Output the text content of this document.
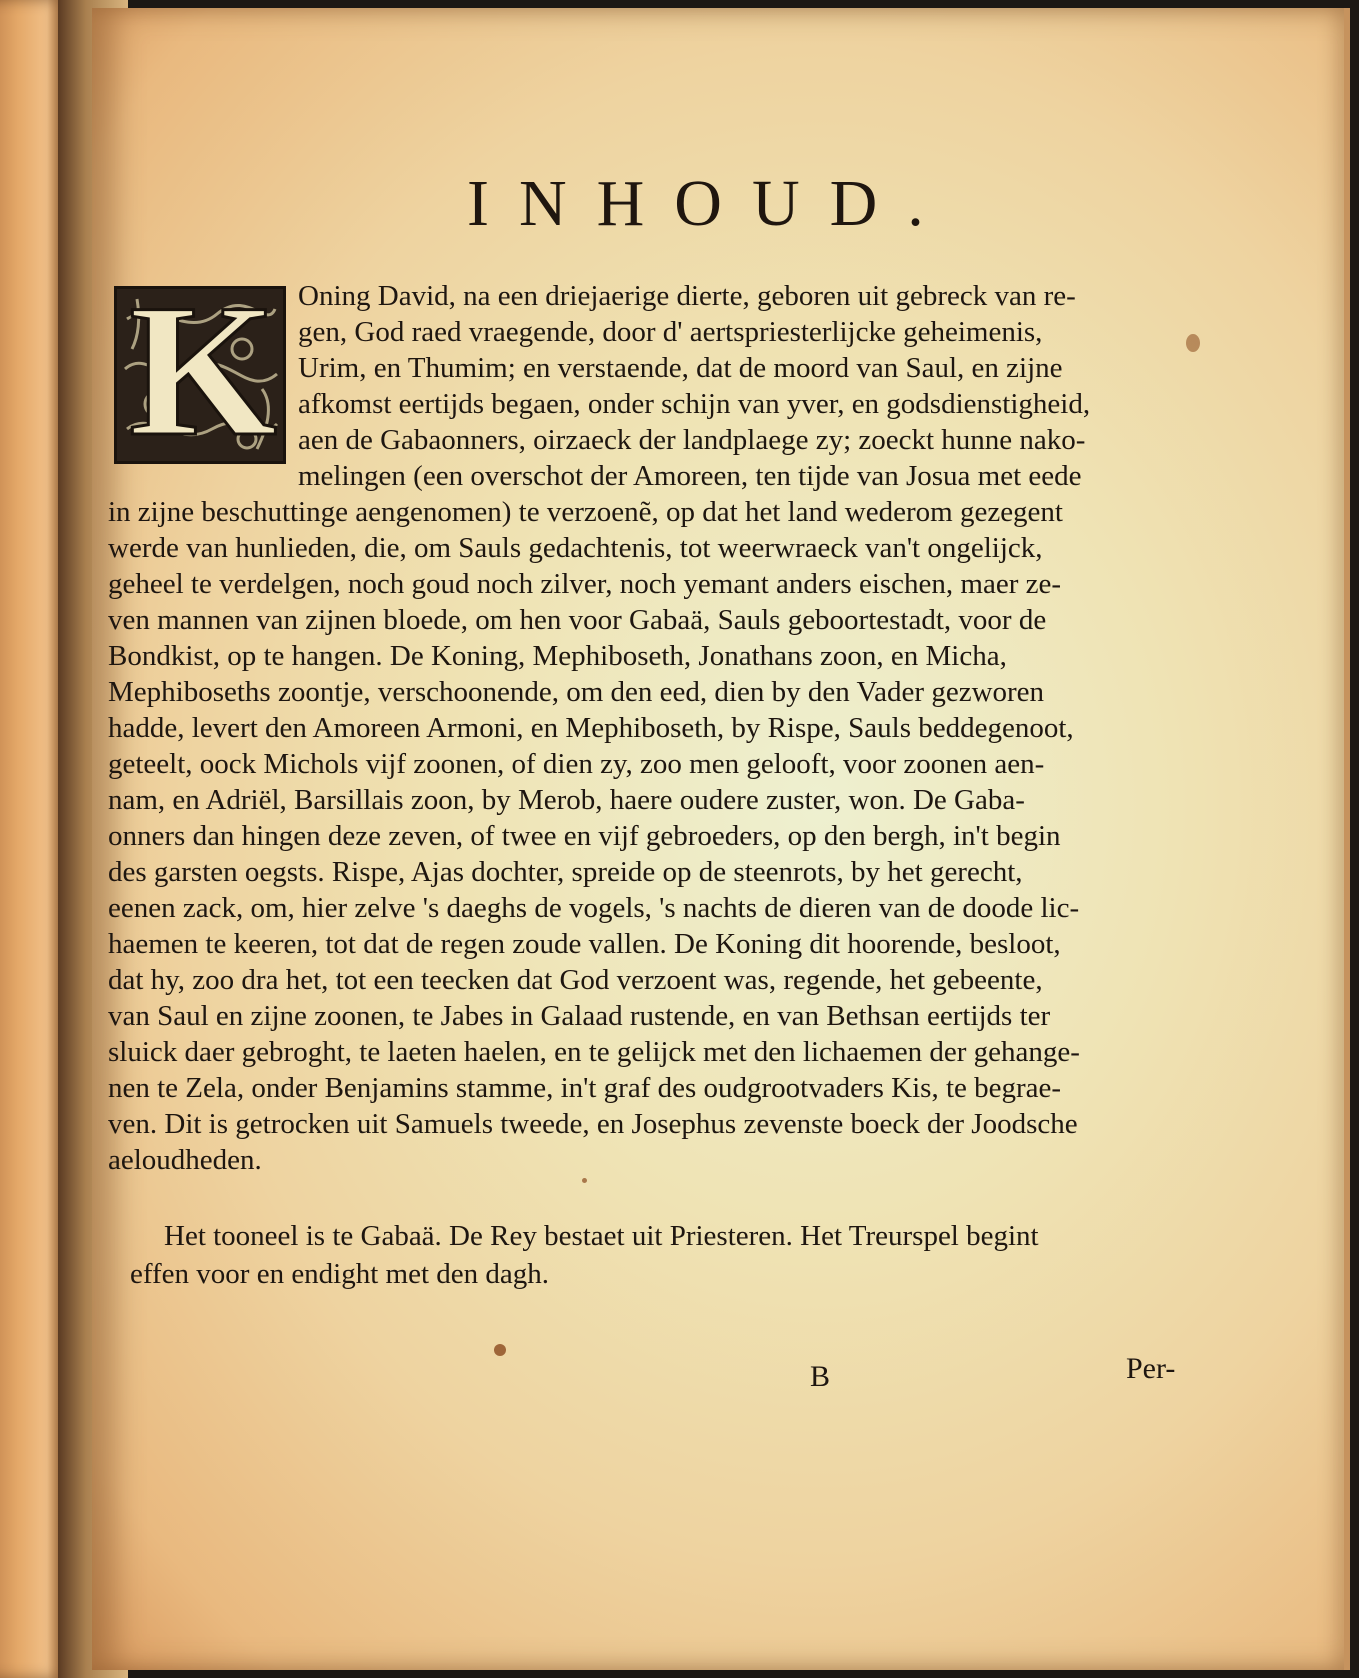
INHOUD.
K Oning David, na een driejaerige dierte, geboren uit gebreck van re-
gen, God raed vraegende, door d' aertspriesterlijcke geheimenis,
Urim, en Thumim; en verstaende, dat de moord van Saul, en zijne
afkomst eertijds begaen, onder schijn van yver, en godsdienstigheid,
aen de Gabaonners, oirzaeck der landplaege zy; zoeckt hunne nako-
melingen (een overschot der Amoreen, ten tijde van Josua met eede
in zijne beschuttinge aengenomen) te verzoenẽ, op dat het land wederom gezegent
werde van hunlieden, die, om Sauls gedachtenis, tot weerwraeck van't ongelijck,
geheel te verdelgen, noch goud noch zilver, noch yemant anders eischen, maer ze-
ven mannen van zijnen bloede, om hen voor Gabaä, Sauls geboortestadt, voor de
Bondkist, op te hangen. De Koning, Mephiboseth, Jonathans zoon, en Micha,
Mephiboseths zoontje, verschoonende, om den eed, dien by den Vader gezworen
hadde, levert den Amoreen Armoni, en Mephiboseth, by Rispe, Sauls beddegenoot,
geteelt, oock Michols vijf zoonen, of dien zy, zoo men gelooft, voor zoonen aen-
nam, en Adriël, Barsillais zoon, by Merob, haere oudere zuster, won. De Gaba-
onners dan hingen deze zeven, of twee en vijf gebroeders, op den bergh, in't begin
des garsten oegsts. Rispe, Ajas dochter, spreide op de steenrots, by het gerecht,
eenen zack, om, hier zelve 's daeghs de vogels, 's nachts de dieren van de doode lic-
haemen te keeren, tot dat de regen zoude vallen. De Koning dit hoorende, besloot,
dat hy, zoo dra het, tot een teecken dat God verzoent was, regende, het gebeente,
van Saul en zijne zoonen, te Jabes in Galaad rustende, en van Bethsan eertijds ter
sluick daer gebroght, te laeten haelen, en te gelijck met den lichaemen der gehange-
nen te Zela, onder Benjamins stamme, in't graf des oudgrootvaders Kis, te begrae-
ven. Dit is getrocken uit Samuels tweede, en Josephus zevenste boeck der Joodsche
aeloudheden.
Het tooneel is te Gabaä. De Rey bestaet uit Priesteren. Het Treurspel begint
effen voor en endight met den dagh.
B	Per-
